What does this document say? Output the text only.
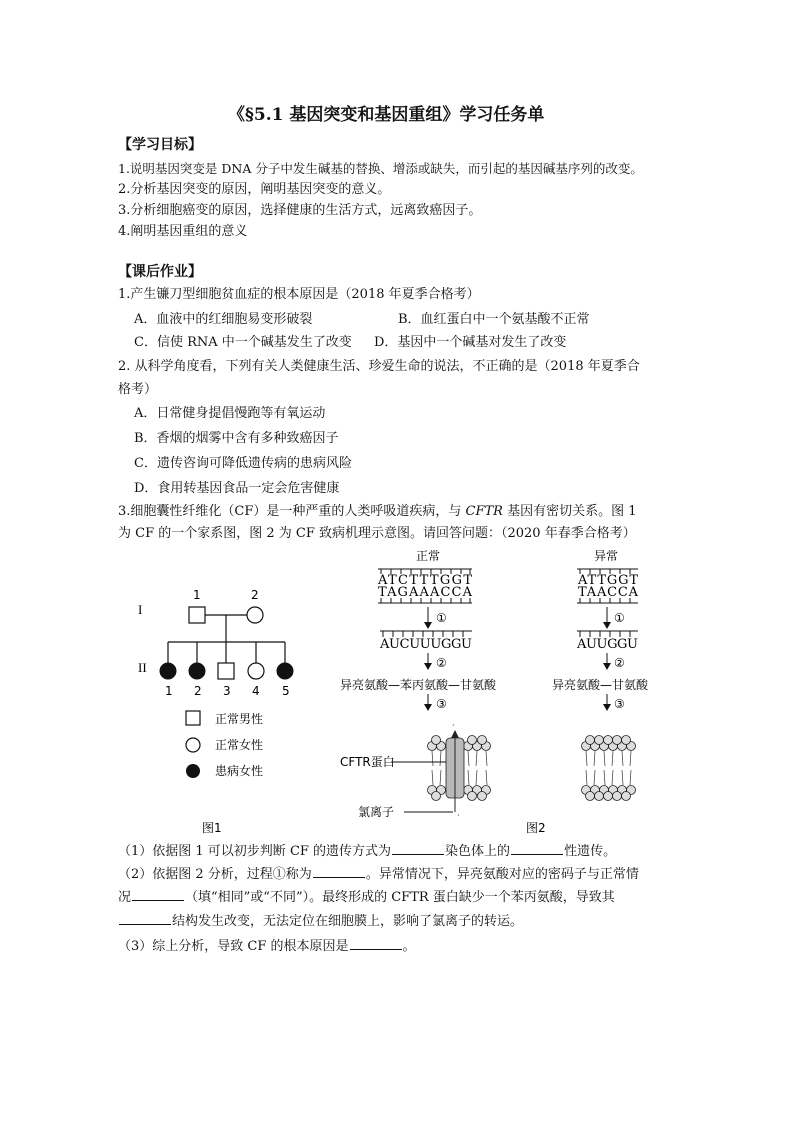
《§5.1 基因突变和基因重组》学习任务单
【学习目标】
1.说明基因突变是 DNA 分子中发生碱基的替换、增添或缺失，而引起的基因碱基序列的改变。
2.分析基因突变的原因，阐明基因突变的意义。
3.分析细胞癌变的原因，选择健康的生活方式，远离致癌因子。
4.阐明基因重组的意义
【课后作业】
1.产生镰刀型细胞贫血症的根本原因是（2018 年夏季合格考）
A．血液中的红细胞易变形破裂	B．血红蛋白中一个氨基酸不正常
C．信使 RNA 中一个碱基发生了改变 D．基因中一个碱基对发生了改变
2. 从科学角度看，下列有关人类健康生活、珍爱生命的说法，不正确的是（2018 年夏季合
格考）
A．日常健身提倡慢跑等有氧运动
B．香烟的烟雾中含有多种致癌因子
C．遗传咨询可降低遗传病的患病风险
D．食用转基因食品一定会危害健康
3.细胞囊性纤维化（CF）是一种严重的人类呼吸道疾病，与 CFTR 基因有密切关系。图 1
为 CF 的一个家系图，图 2 为 CF 致病机理示意图。请回答问题：（2020 年春季合格考）
I
II
1	2
1 2 3 4 5
正常男性
正常女性
患病女性
图1
正常
ATCTTTGGT
TAGAAACCA
①
AUCUUUGGU
②
异亮氨酸—苯丙氨酸—甘氨酸
③
·
·
CFTR蛋白
氯离子
异常
ATTGGT
TAACCA
①
AUUGGU
②
异亮氨酸—甘氨酸
③
图2
（1）依据图 1 可以初步判断 CF 的遗传方式为	染色体上的	性遗传。
（2）依据图 2 分析，过程①称为	。异常情况下，异亮氨酸对应的密码子与正常情
况	（填“相同”或“不同”）。最终形成的 CFTR 蛋白缺少一个苯丙氨酸，导致其
结构发生改变，无法定位在细胞膜上，影响了氯离子的转运。
（3）综上分析，导致 CF 的根本原因是	。
